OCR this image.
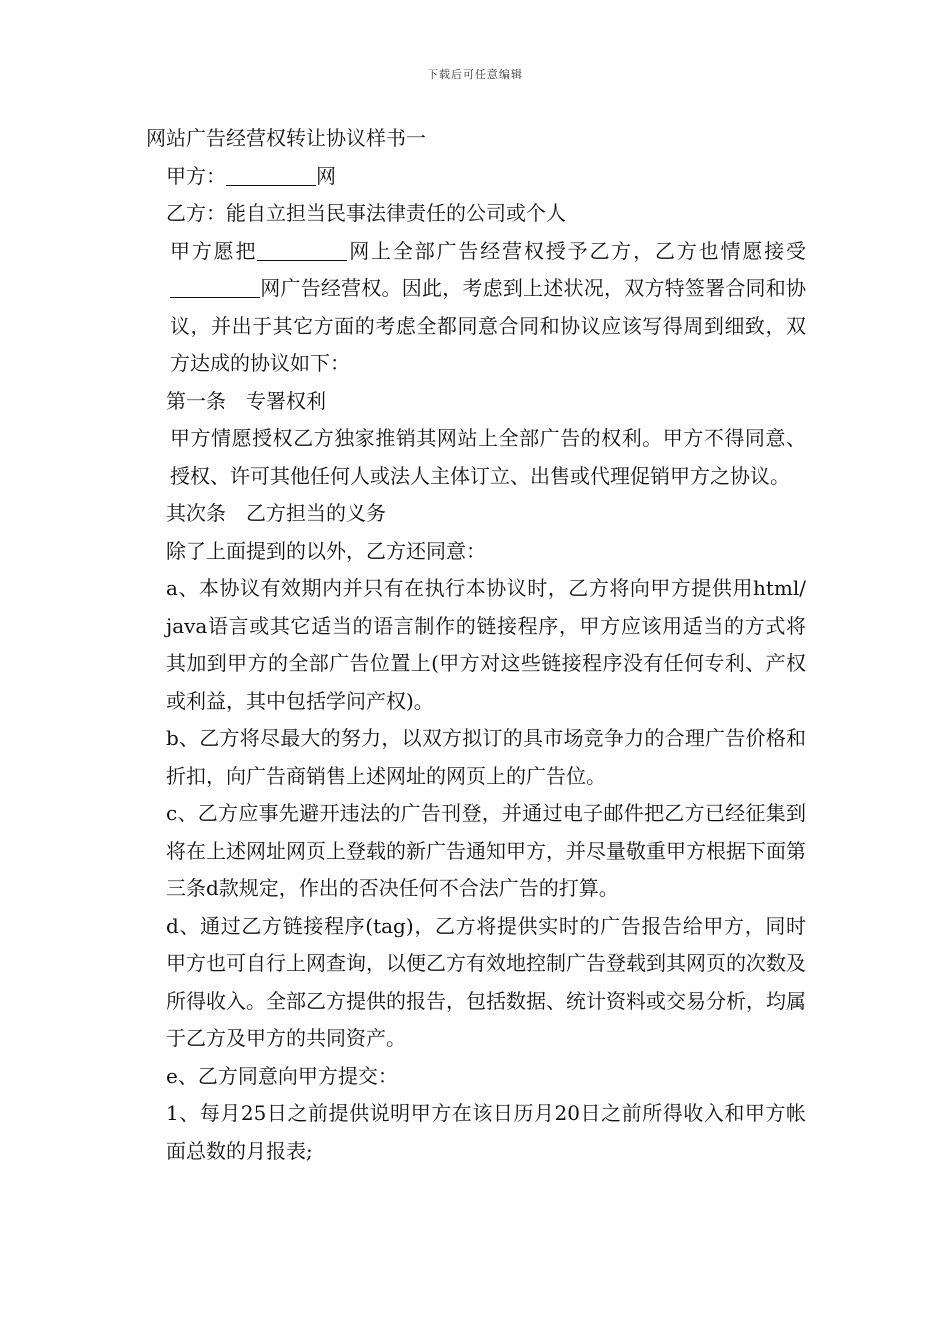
下载后可任意编辑

网站广告经营权转让协议样书一

甲方：	网

乙方：能自立担当民事法律责任的公司或个人

甲方愿把	网上全部广告经营权授予乙方，乙方也情愿接受网广告经营权。因此，考虑到上述状况，双方特签署合同和协议，并出于其它方面的考虑全都同意合同和协议应该写得周到细致，双方达成的协议如下：

第一条　专署权利

甲方情愿授权乙方独家推销其网站上全部广告的权利。甲方不得同意、授权、许可其他任何人或法人主体订立、出售或代理促销甲方之协议。

其次条　乙方担当的义务

除了上面提到的以外，乙方还同意：

a、本协议有效期内并只有在执行本协议时，乙方将向甲方提供用html/ java语言或其它适当的语言制作的链接程序，甲方应该用适当的方式将其加到甲方的全部广告位置上(甲方对这些链接程序没有任何专利、产权或利益，其中包括学问产权)。

b、乙方将尽最大的努力，以双方拟订的具市场竞争力的合理广告价格和折扣，向广告商销售上述网址的网页上的广告位。

c、乙方应事先避开违法的广告刊登，并通过电子邮件把乙方已经征集到将在上述网址网页上登载的新广告通知甲方，并尽量敬重甲方根据下面第三条d款规定，作出的否决任何不合法广告的打算。

d、通过乙方链接程序(tag)，乙方将提供实时的广告报告给甲方，同时甲方也可自行上网查询，以便乙方有效地控制广告登载到其网页的次数及所得收入。全部乙方提供的报告，包括数据、统计资料或交易分析，均属于乙方及甲方的共同资产。

e、乙方同意向甲方提交：

1、每月25日之前提供说明甲方在该日历月20日之前所得收入和甲方帐面总数的月报表;
